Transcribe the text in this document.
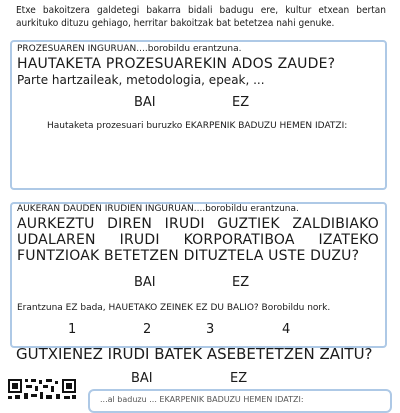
Etxe bakoitzera galdetegi bakarra bidali badugu ere, kultur etxean bertan aurkituko dituzu gehiago, herritar bakoitzak bat betetzea nahi genuke.
PROZESUAREN INGURUAN....borobildu erantzuna.
HAUTAKETA PROZESUAREKIN ADOS ZAUDE?
Parte hartzaileak, metodologia, epeak, ...
BAI	EZ
Hautaketa prozesuari buruzko EKARPENIK BADUZU HEMEN IDATZI:
AUKERAN DAUDEN IRUDIEN INGURUAN....borobildu erantzuna.
AURKEZTU DIREN IRUDI GUZTIEK ZALDIBIAKO UDALAREN IRUDI KORPORATIBOA IZATEKO FUNTZIOAK BETETZEN DITUZTELA USTE DUZU?
BAI	EZ
Erantzuna EZ bada, HAUETAKO ZEINEK EZ DU BALIO? Borobildu nork.
1	2	3	4
GUTXIENEZ IRUDI BATEK ASEBETETZEN ZAITU?
BAI	EZ
...al baduzu ... EKARPENIK BADUZU HEMEN IDATZI:
